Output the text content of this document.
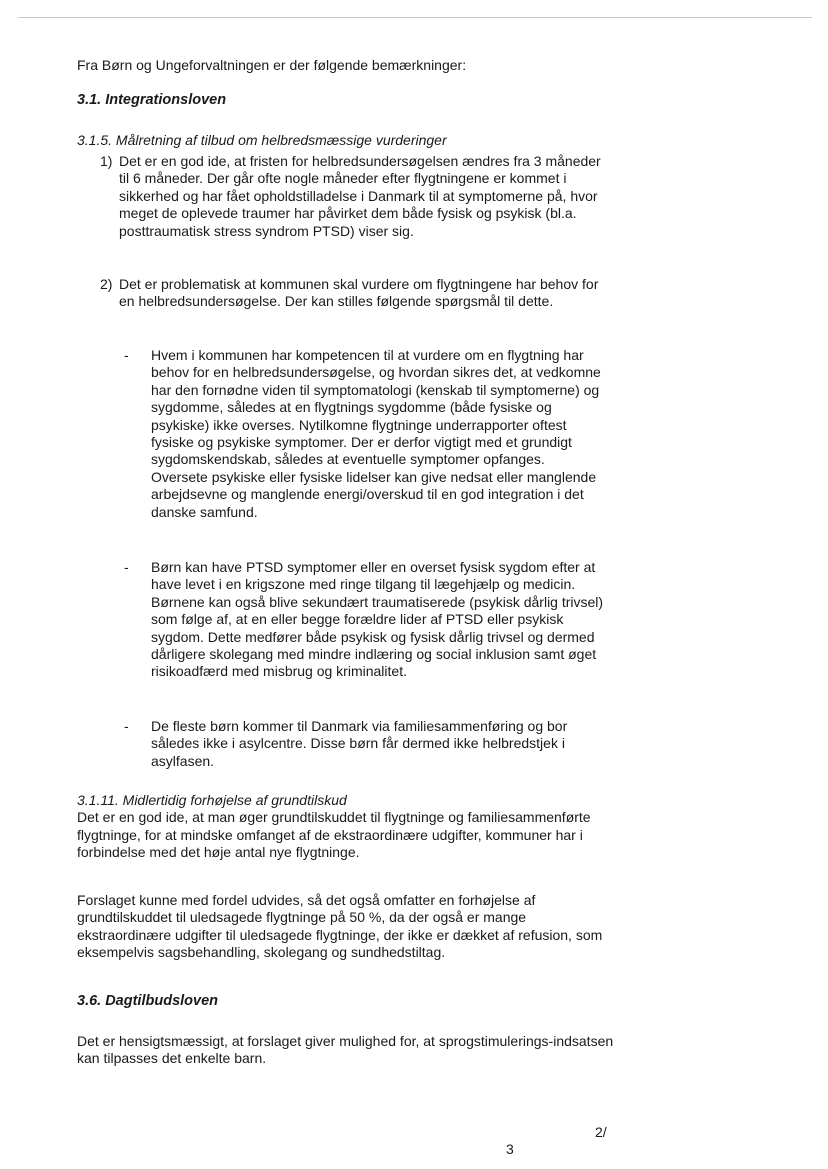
Fra Børn og Ungeforvaltningen er der følgende bemærkninger:

3.1. Integrationsloven

3.1.5. Målretning af tilbud om helbredsmæssige vurderinger

1) Det er en god ide, at fristen for helbredsundersøgelsen ændres fra 3 måneder til 6 måneder. Der går ofte nogle måneder efter flygtningene er kommet i sikkerhed og har fået opholdstilladelse i Danmark til at symptomerne på, hvor meget de oplevede traumer har påvirket dem både fysisk og psykisk (bl.a. posttraumatisk stress syndrom PTSD) viser sig.

2) Det er problematisk at kommunen skal vurdere om flygtningene har behov for en helbredsundersøgelse. Der kan stilles følgende spørgsmål til dette.

- Hvem i kommunen har kompetencen til at vurdere om en flygtning har behov for en helbredsundersøgelse, og hvordan sikres det, at vedkomne har den fornødne viden til symptomatologi (kenskab til symptomerne) og sygdomme, således at en flygtnings sygdomme (både fysiske og psykiske) ikke overses. Nytilkomne flygtninge underrapporter oftest fysiske og psykiske symptomer. Der er derfor vigtigt med et grundigt sygdomskendskab, således at eventuelle symptomer opfanges. Oversete psykiske eller fysiske lidelser kan give nedsat eller manglende arbejdsevne og manglende energi/overskud til en god integration i det danske samfund.

- Børn kan have PTSD symptomer eller en overset fysisk sygdom efter at have levet i en krigszone med ringe tilgang til lægehjælp og medicin. Børnene kan også blive sekundært traumatiserede (psykisk dårlig trivsel) som følge af, at en eller begge forældre lider af PTSD eller psykisk sygdom. Dette medfører både psykisk og fysisk dårlig trivsel og dermed dårligere skolegang med mindre indlæring og social inklusion samt øget risikoadfærd med misbrug og kriminalitet.

- De fleste børn kommer til Danmark via familiesammenføring og bor således ikke i asylcentre. Disse børn får dermed ikke helbredstjek i asylfasen.

3.1.11. Midlertidig forhøjelse af grundtilskud

Det er en god ide, at man øger grundtilskuddet til flygtninge og familiesammenførte flygtninge, for at mindske omfanget af de ekstraordinære udgifter, kommuner har i forbindelse med det høje antal nye flygtninge.

Forslaget kunne med fordel udvides, så det også omfatter en forhøjelse af grundtilskuddet til uledsagede flygtninge på 50 %, da der også er mange ekstraordinære udgifter til uledsagede flygtninge, der ikke er dækket af refusion, som eksempelvis sagsbehandling, skolegang og sundhedstiltag.

3.6. Dagtilbudsloven

Det er hensigtsmæssigt, at forslaget giver mulighed for, at sprogstimulerings-indsatsen kan tilpasses det enkelte barn.

2/

3
